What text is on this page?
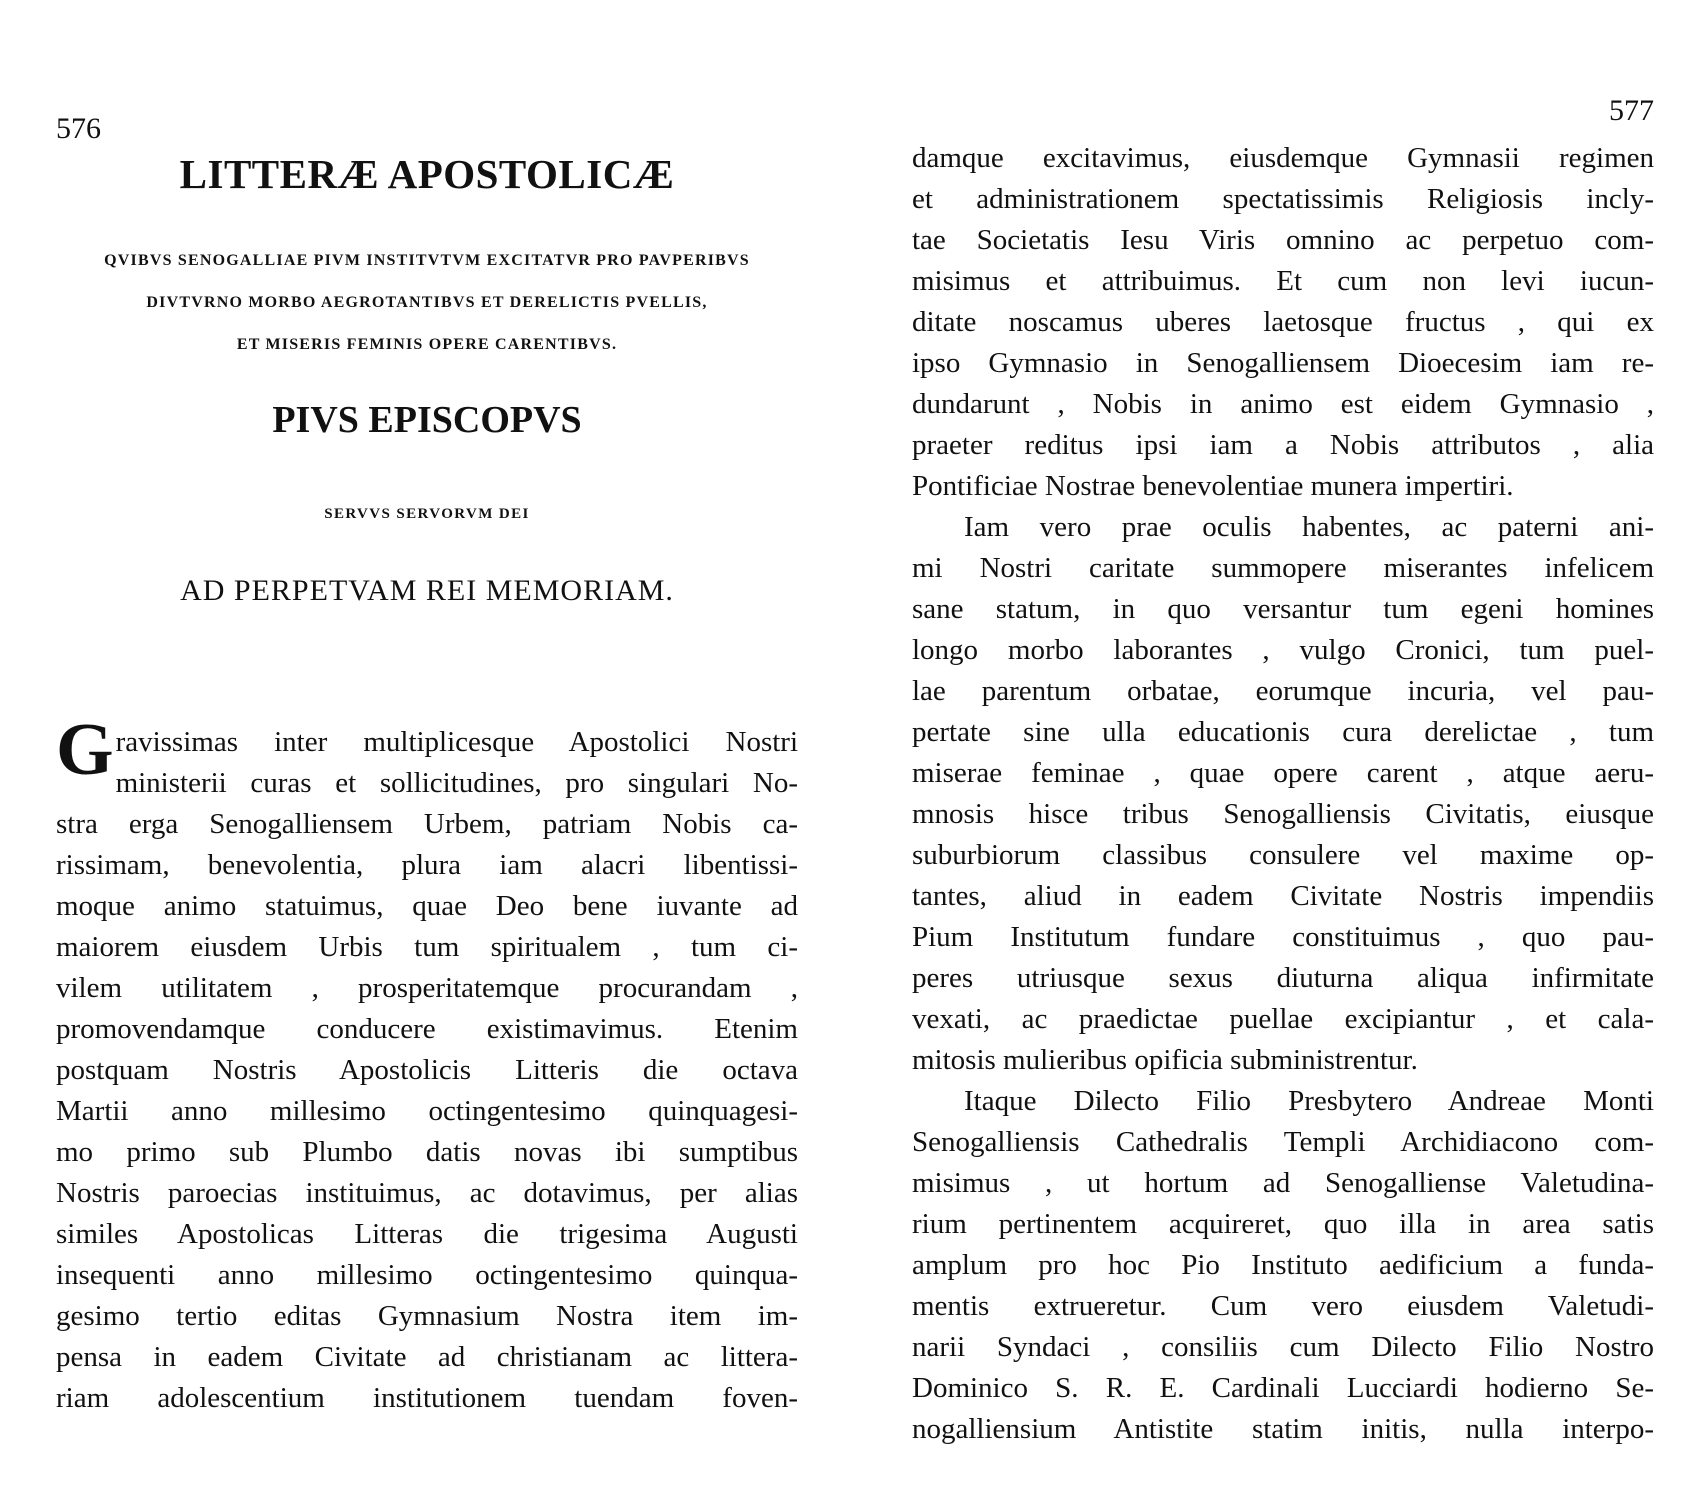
576
LITTERÆ APOSTOLICÆ
QVIBVS SENOGALLIAE PIVM INSTITVTVM EXCITATVR PRO PAVPERIBVS
DIVTVRNO MORBO AEGROTANTIBVS ET DERELICTIS PVELLIS,
ET MISERIS FEMINIS OPERE CARENTIBVS.
PIVS EPISCOPVS
SERVVS SERVORVM DEI
AD PERPETVAM REI MEMORIAM.
G ravissimas inter multiplicesque Apostolici Nostri
ministerii curas et sollicitudines, pro singulari No-
stra erga Senogalliensem Urbem, patriam Nobis ca-
rissimam, benevolentia, plura iam alacri libentissi-
moque animo statuimus, quae Deo bene iuvante ad
maiorem eiusdem Urbis tum spiritualem , tum ci-
vilem utilitatem , prosperitatemque procurandam ,
promovendamque conducere existimavimus. Etenim
postquam Nostris Apostolicis Litteris die octava
Martii anno millesimo octingentesimo quinquagesi-
mo primo sub Plumbo datis novas ibi sumptibus
Nostris paroecias instituimus, ac dotavimus, per alias
similes Apostolicas Litteras die trigesima Augusti
insequenti anno millesimo octingentesimo quinqua-
gesimo tertio editas Gymnasium Nostra item im-
pensa in eadem Civitate ad christianam ac littera-
riam adolescentium institutionem tuendam foven-
577
damque excitavimus, eiusdemque Gymnasii regimen
et administrationem spectatissimis Religiosis incly-
tae Societatis Iesu Viris omnino ac perpetuo com-
misimus et attribuimus. Et cum non levi iucun-
ditate noscamus uberes laetosque fructus , qui ex
ipso Gymnasio in Senogalliensem Dioecesim iam re-
dundarunt , Nobis in animo est eidem Gymnasio ,
praeter reditus ipsi iam a Nobis attributos , alia
Pontificiae Nostrae benevolentiae munera impertiri.
Iam vero prae oculis habentes, ac paterni ani-
mi Nostri caritate summopere miserantes infelicem
sane statum, in quo versantur tum egeni homines
longo morbo laborantes , vulgo Cronici, tum puel-
lae parentum orbatae, eorumque incuria, vel pau-
pertate sine ulla educationis cura derelictae , tum
miserae feminae , quae opere carent , atque aeru-
mnosis hisce tribus Senogalliensis Civitatis, eiusque
suburbiorum classibus consulere vel maxime op-
tantes, aliud in eadem Civitate Nostris impendiis
Pium Institutum fundare constituimus , quo pau-
peres utriusque sexus diuturna aliqua infirmitate
vexati, ac praedictae puellae excipiantur , et cala-
mitosis mulieribus opificia subministrentur.
Itaque Dilecto Filio Presbytero Andreae Monti
Senogalliensis Cathedralis Templi Archidiacono com-
misimus , ut hortum ad Senogalliense Valetudina-
rium pertinentem acquireret, quo illa in area satis
amplum pro hoc Pio Instituto aedificium a funda-
mentis extrueretur. Cum vero eiusdem Valetudi-
narii Syndaci , consiliis cum Dilecto Filio Nostro
Dominico S. R. E. Cardinali Lucciardi hodierno Se-
nogalliensium Antistite statim initis, nulla interpo-
